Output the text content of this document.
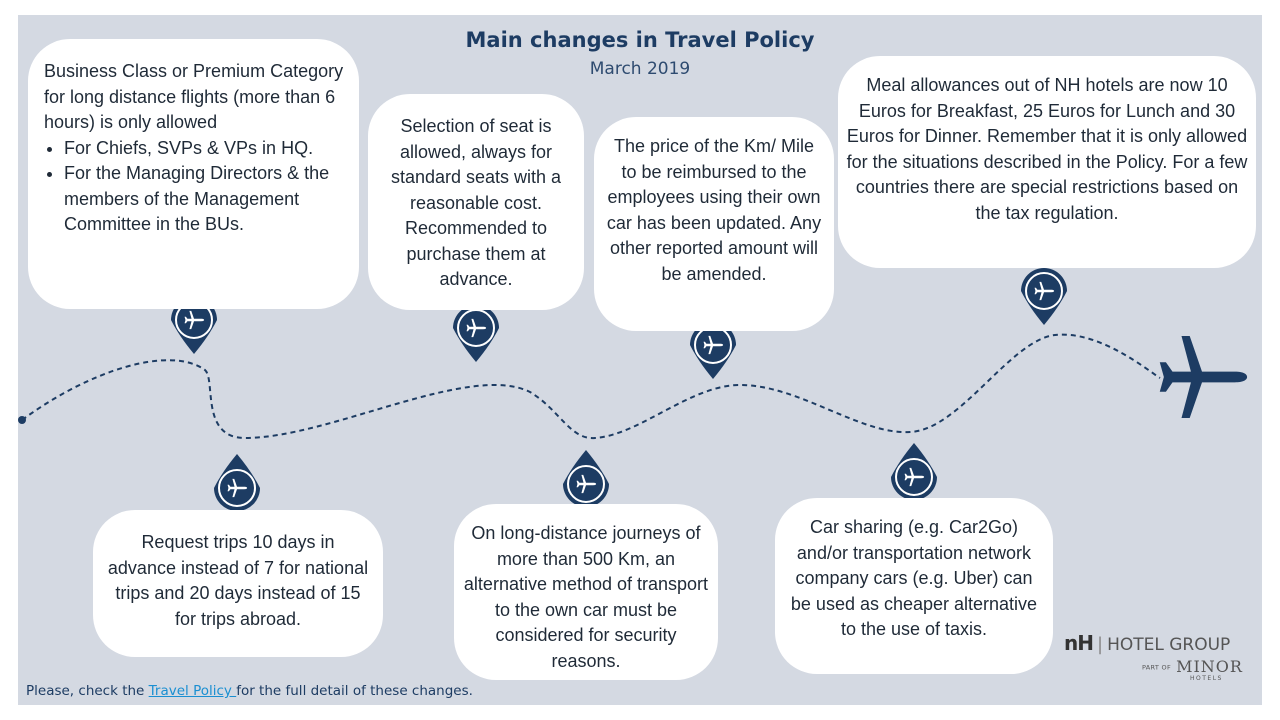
Main changes in Travel Policy
March 2019
Business Class or Premium Category for long distance flights (more than 6 hours) is only allowed
• For Chiefs, SVPs & VPs in HQ.
• For the Managing Directors & the members of the Management Committee in the BUs.
Selection of seat is allowed, always for standard seats with a reasonable cost. Recommended to purchase them at advance.
The price of the Km/ Mile to be reimbursed to the employees using their own car has been updated. Any other reported amount will be amended.
Meal allowances out of NH hotels are now 10 Euros for Breakfast, 25 Euros for Lunch and 30 Euros for Dinner. Remember that it is only allowed for the situations described in the Policy. For a few countries there are special restrictions based on the tax regulation.
Request trips 10 days in advance instead of 7 for national trips and 20 days instead of 15 for trips abroad.
On long-distance journeys of more than 500 Km, an alternative method of transport to the own car must be considered for security reasons.
Car sharing (e.g. Car2Go) and/or transportation network company cars (e.g. Uber) can be used as cheaper alternative to the use of taxis.
Please, check the Travel Policy for the full detail of these changes.
nH | HOTEL GROUP
PART OF MINOR
HOTELS
